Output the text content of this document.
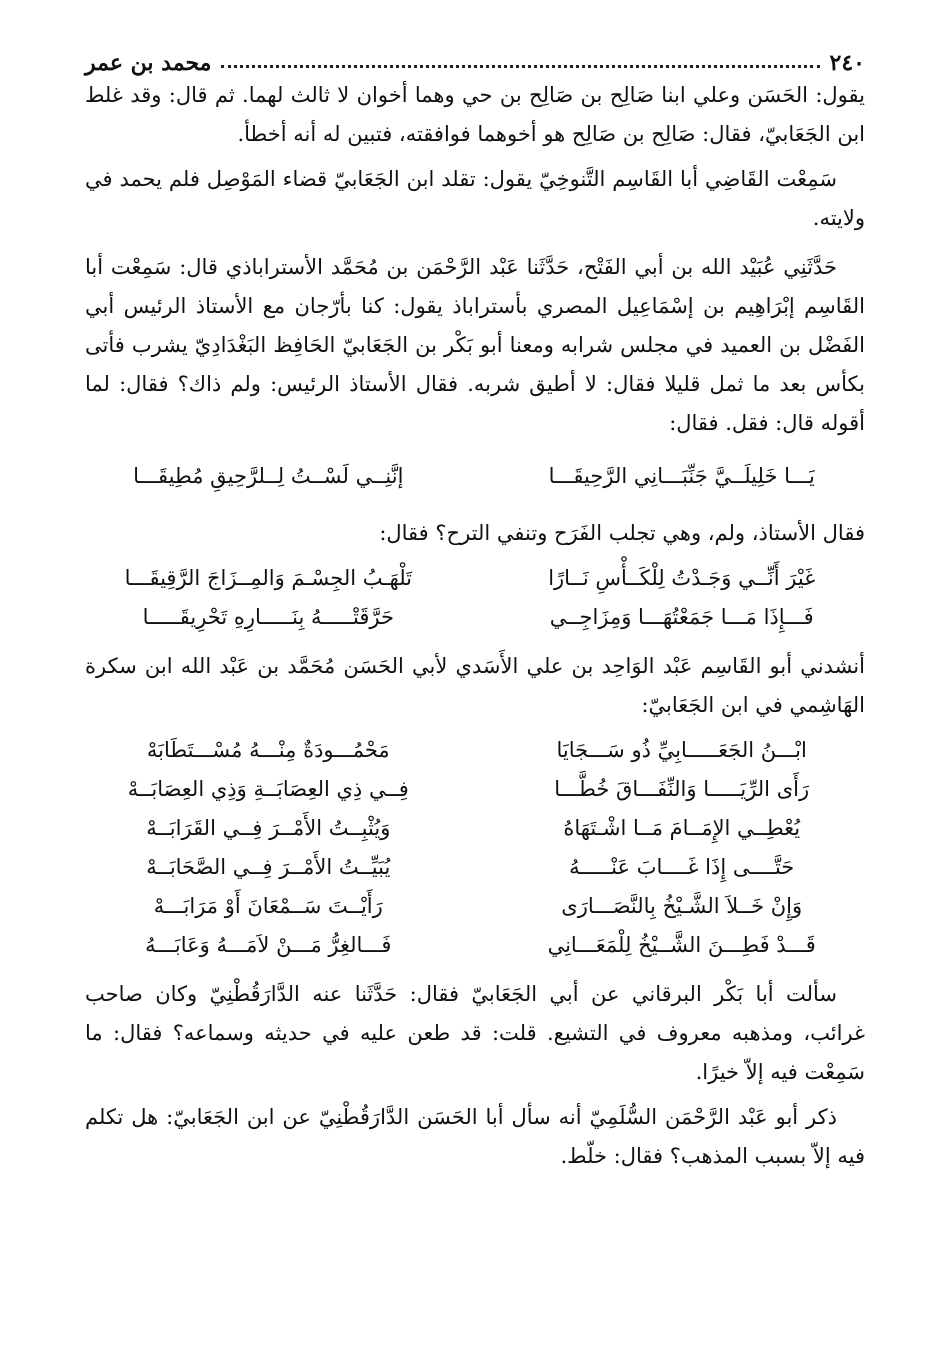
٢٤٠
محمد بن عمر

يقول: الحَسَن وعلي ابنا صَالِح بن صَالِح بن حي وهما أخوان لا ثالث لهما. ثم قال: وقد غلط ابن الجَعَابيّ، فقال: صَالِح بن صَالِح هو أخوهما فوافقته، فتبين له أنه أخطأ.

سَمِعْت القَاضِي أبا القَاسِم التَّنوخِيّ يقول: تقلد ابن الجَعَابيّ قضاء المَوْصِل فلم يحمد في ولايته.

حَدَّثَنِي عُبَيْد الله بن أبي الفَتْح، حَدَّثَنا عَبْد الرَّحْمَن بن مُحَمَّد الأستراباذي قال: سَمِعْت أبا القَاسِم إبْرَاهِيم بن إسْمَاعِيل المصري بأستراباذ يقول: كنا بأرّجان مع الأستاذ الرئيس أبي الفَضْل بن العميد في مجلس شرابه ومعنا أبو بَكْر بن الجَعَابيّ الحَافِظ البَغْدَادِيّ يشرب فأتى بكأس بعد ما ثمل قليلا فقال: لا أطيق شربه. فقال الأستاذ الرئيس: ولم ذاك؟ فقال: لما أقوله قال: فقل. فقال:

يَـــا خَلِيلَــيَّ جَنِّبَـــانِي الرَّحِيقَـــا
إنَّنِــي لَسْــتُ لِــلرَّحِيقِ مُطِيقَـــا

فقال الأستاذ، ولم، وهي تجلب الفَرَح وتنفي الترح؟ فقال:

غَيْرَ أَنِّــي وَجَـدْتُ لِلْكَــأْسِ نَــارًا
تَلْهَـبُ الجِسْـمَ وَالمِــزَاجَ الرَّقِيقَـــا
فَـــإِذَا مَـــا جَمَعْتُهَـــا وَمِزَاجِــي
حَرَّقَتْـــــهُ بِنَـــــارِهِ تَحْرِيقَـــــا

أنشدني أبو القَاسِم عَبْد الوَاحِد بن علي الأَسَدي لأبي الحَسَن مُحَمَّد بن عَبْد الله ابن سكرة الهَاشِمي في ابن الجَعَابيّ:

ابْـــنُ الجَعَـــــابِيِّ ذُو سَـــجَايَا
مَحْمُـــودَةٌ مِنْـــهُ مُسْـــتَطَابَهْ
رَأَى الرِّيَـــــا وَالنِّفَـــاقَ خُطَّـــا
فِــي ذِي العِصَابَــةِ وَذِي العِصَابَــهْ
يُعْطِــي الإِمَــامَ مَــا اشْـتَهَاهُ
وَيُثْبِــتُ الأَمْــرَ فِــي القَرَابَــهْ
حَتَّــــى إِذَا غَــــابَ عَنْـــــهُ
يُبَيِّــتُ الأَمْــرَ فِــي الصَّحَابَــهْ
وَإِنْ خَــلاَ الشَّـيْخُ بِالنَّصَـــارَى
رَأَيْــتَ سَــمْعَانَ أَوْ مَرَابَـــهْ
قَـــدْ فَطِـــنَ الشَّــيْخُ لِلْمَعَـــانِي
فَـــالغِرُّ مَـــنْ لاَمَـــهُ وَعَابَـــهُ

سألت أبا بَكْر البرقاني عن أبي الجَعَابيّ فقال: حَدَّثَنا عنه الدَّارَقُطْنِيّ وكان صاحب غرائب، ومذهبه معروف في التشيع. قلت: قد طعن عليه في حديثه وسماعه؟ فقال: ما سَمِعْت فيه إلاّ خيرًا.

ذكر أبو عَبْد الرَّحْمَن السُّلَمِيّ أنه سأل أبا الحَسَن الدَّارَقُطْنِيّ عن ابن الجَعَابيّ: هل تكلم فيه إلاّ بسبب المذهب؟ فقال: خلّط.
